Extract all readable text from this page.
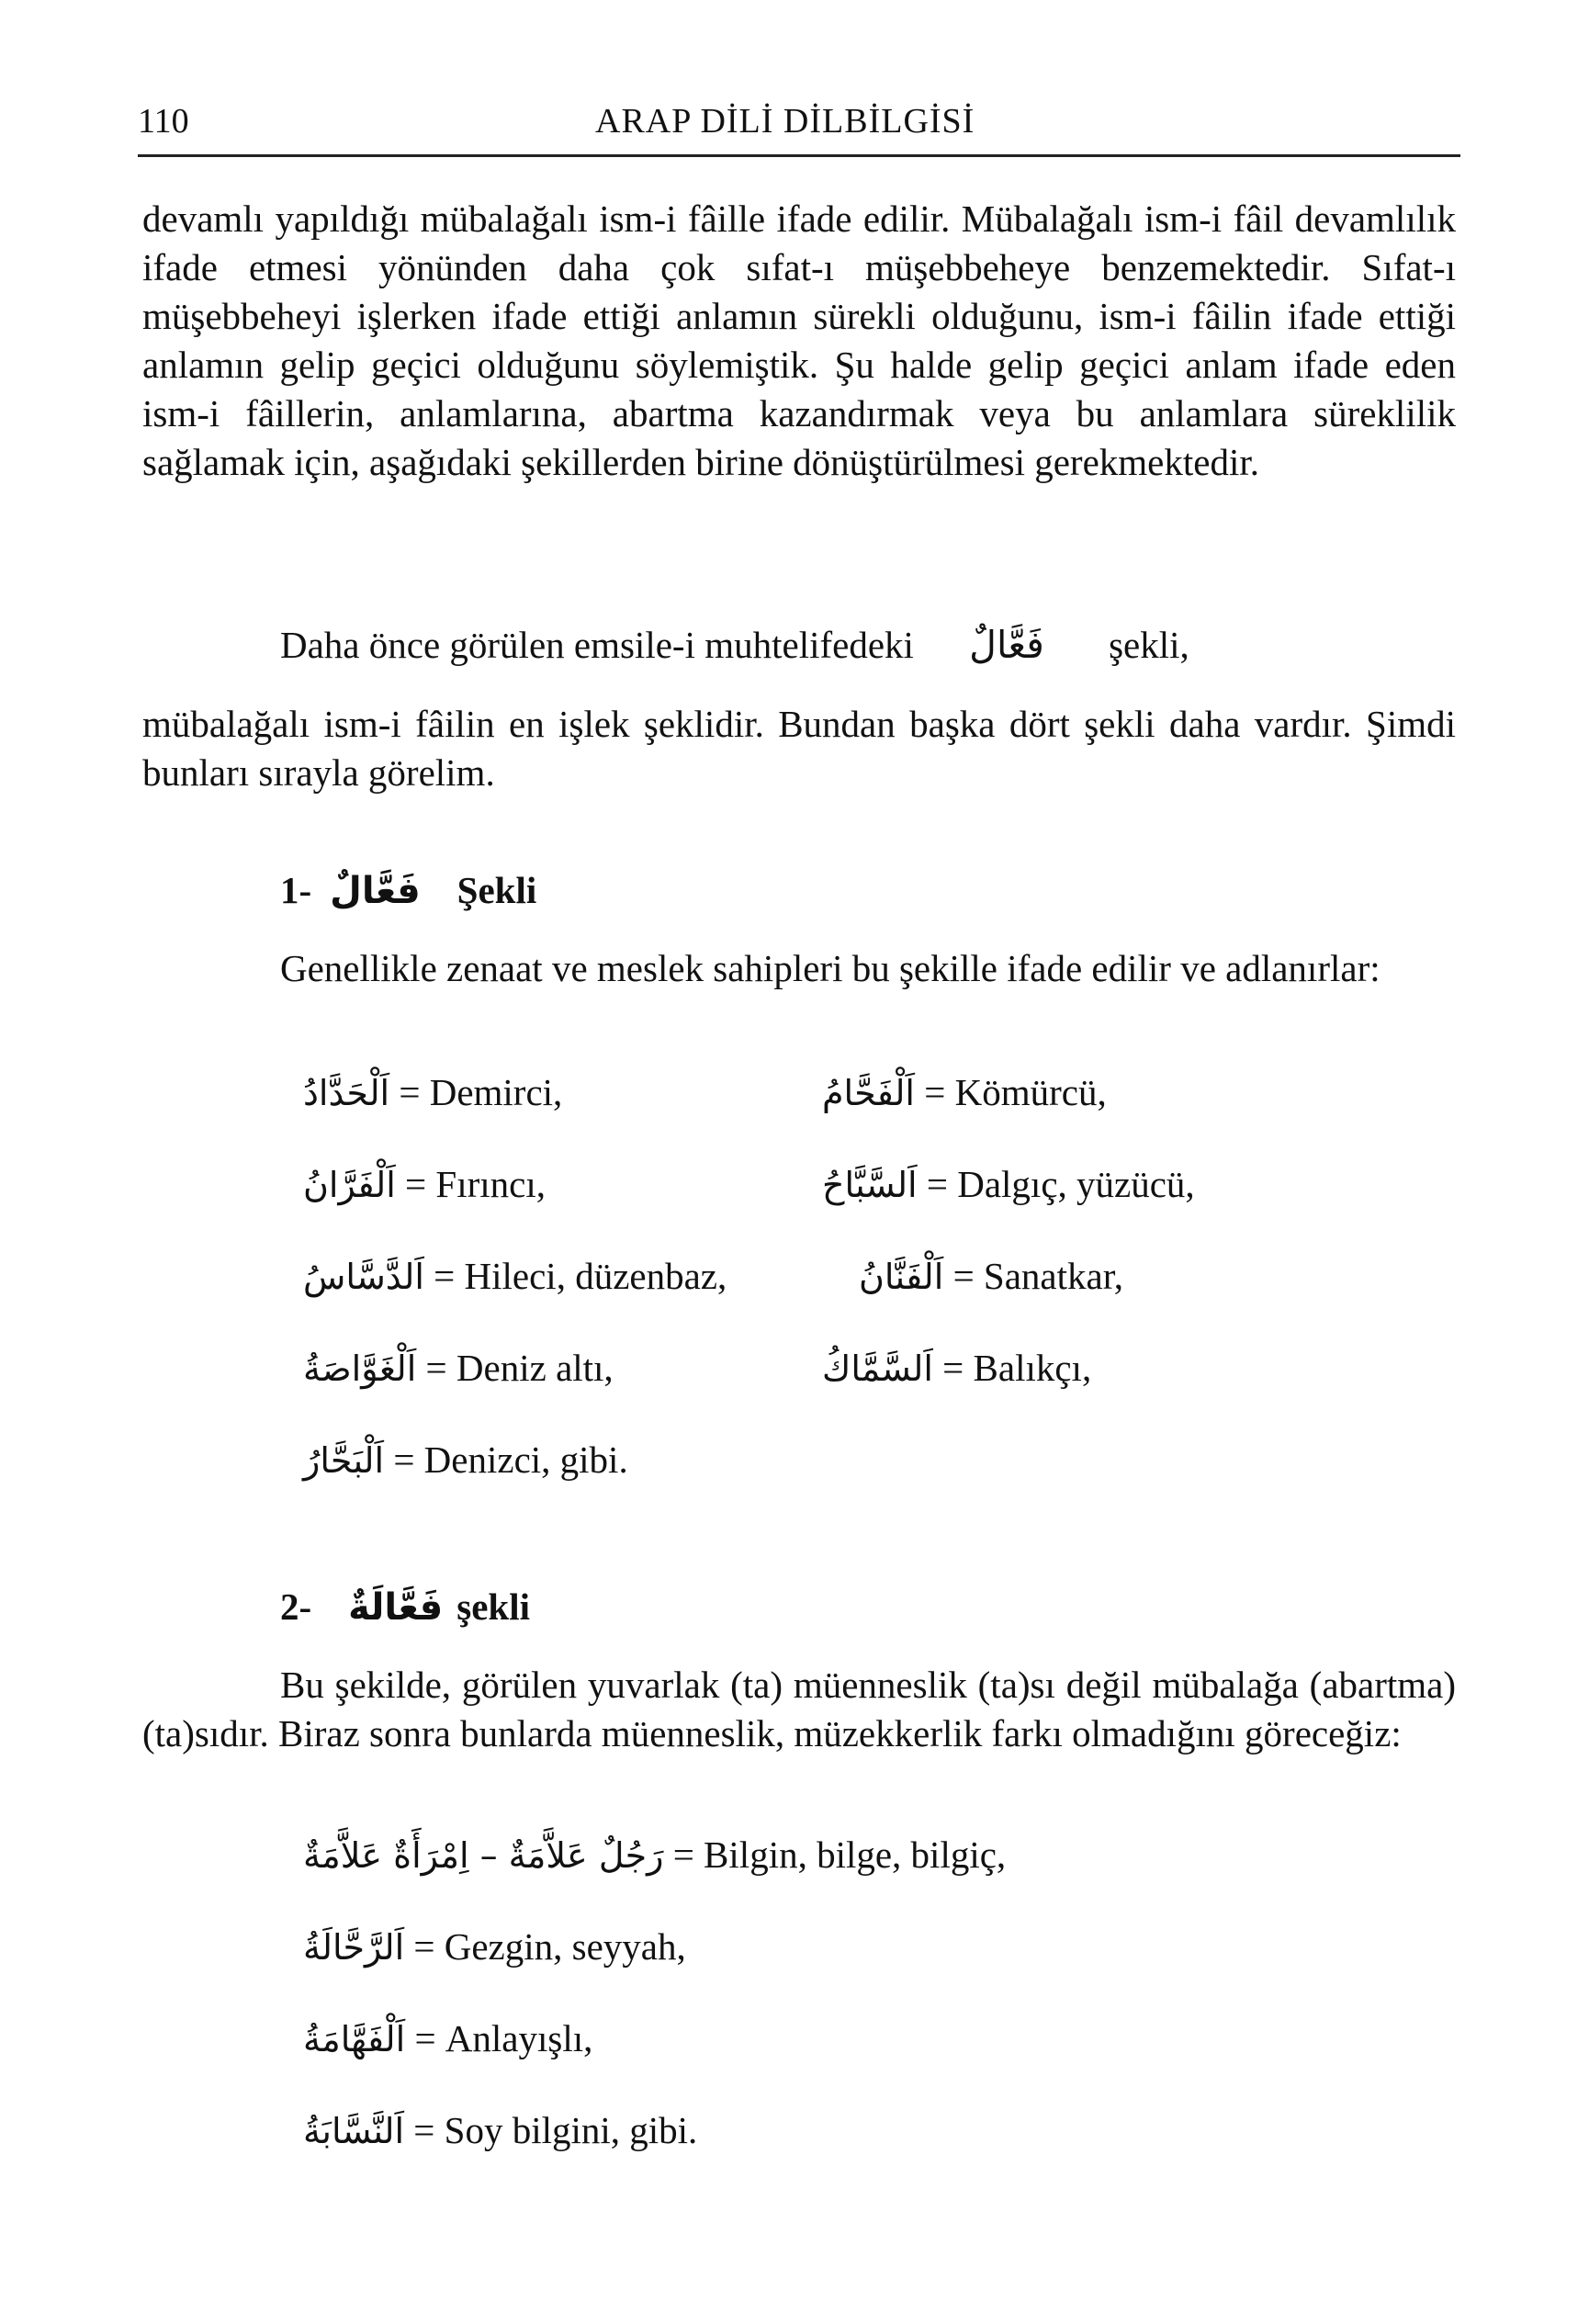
110	ARAP DİLİ DİLBİLGİSİ
devamlı yapıldığı mübalağalı ism-i fâille ifade edilir. Mübalağalı ism-i fâil devamlılık ifade etmesi yönünden daha çok sıfat-ı müşebbeheye benzemektedir. Sıfat-ı müşebbeheyi işlerken ifade ettiği anlamın sürekli olduğunu, ism-i fâilin ifade ettiği anlamın gelip geçici olduğunu söylemiştik. Şu halde gelip geçici anlam ifade eden ism-i fâillerin, anlamlarına, abartma kazandırmak veya bu anlamlara süreklilik sağlamak için, aşağıdaki şekillerden birine dönüştürülmesi gerekmektedir.
Daha önce görülen emsile-i muhtelifedeki فَعَّالٌ şekli,
mübalağalı ism-i fâilin en işlek şeklidir. Bundan başka dört şekli daha vardır. Şimdi bunları sırayla görelim.
1- فَعَّالٌ Şekli
Genellikle zenaat ve meslek sahipleri bu şekille ifade edilir ve adlanırlar:
اَلْحَدَّادُ = Demirci,	اَلْفَحَّامُ = Kömürcü,
اَلْفَرَّانُ = Fırıncı,	اَلسَّبَّاحُ = Dalgıç, yüzücü,
اَلدَّسَّاسُ = Hileci, düzenbaz,	اَلْفَنَّانُ = Sanatkar,
اَلْغَوَّاصَةُ = Deniz altı,	اَلسَّمَّاكُ = Balıkçı,
اَلْبَحَّارُ = Denizci, gibi.
2- فَعَّالَةٌ şekli
Bu şekilde, görülen yuvarlak (ta) müenneslik (ta)sı değil mübalağa (abartma) (ta)sıdır. Biraz sonra bunlarda müenneslik, müzekkerlik farkı olmadığını göreceğiz:
رَجُلٌ عَلاَّمَةٌ – اِمْرَأَةٌ عَلاَّمَةٌ = Bilgin, bilge, bilgiç,
اَلرَّحَّالَةُ = Gezgin, seyyah,
اَلْفَهَّامَةُ = Anlayışlı,
اَلنَّسَّابَةُ = Soy bilgini, gibi.
